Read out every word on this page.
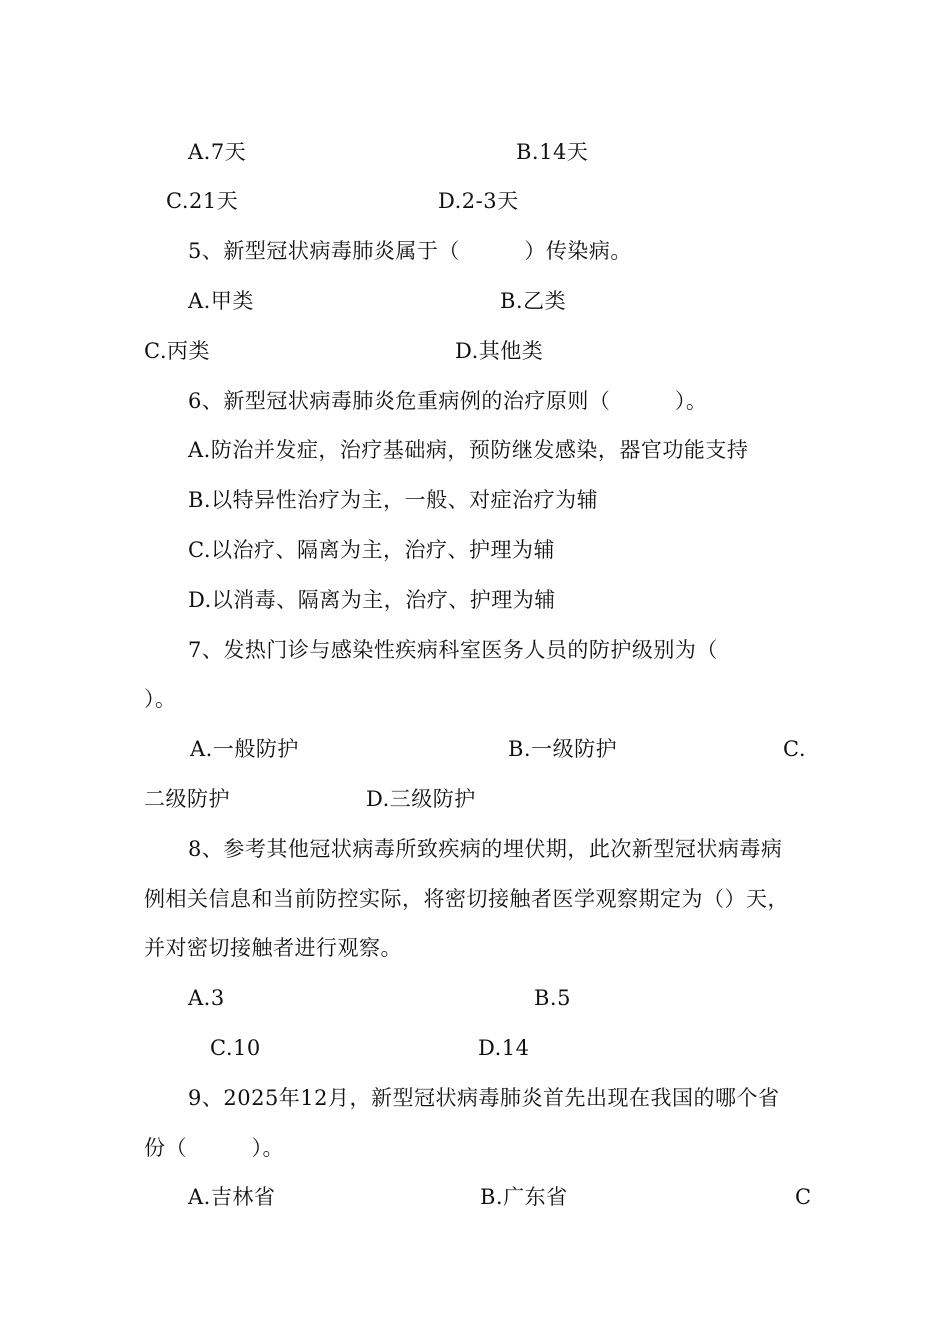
A.7天	B.14天
C.21天	D.2-3天
5、新型冠状病毒肺炎属于（　　　）传染病。
A.甲类	B.乙类
C.丙类	D.其他类
6、新型冠状病毒肺炎危重病例的治疗原则（　　　）。
A.防治并发症，治疗基础病，预防继发感染，器官功能支持
B.以特异性治疗为主，一般、对症治疗为辅
C.以治疗、隔离为主，治疗、护理为辅
D.以消毒、隔离为主，治疗、护理为辅
7、发热门诊与感染性疾病科室医务人员的防护级别为（
）。
A.一般防护	B.一级防护	C.
二级防护	D.三级防护
8、参考其他冠状病毒所致疾病的埋伏期，此次新型冠状病毒病
例相关信息和当前防控实际，将密切接触者医学观察期定为（）天，
并对密切接触者进行观察。
A.3	B.5
C.10	D.14
9、2025年12月，新型冠状病毒肺炎首先出现在我国的哪个省
份（　　　）。
A.吉林省	B.广东省	C
